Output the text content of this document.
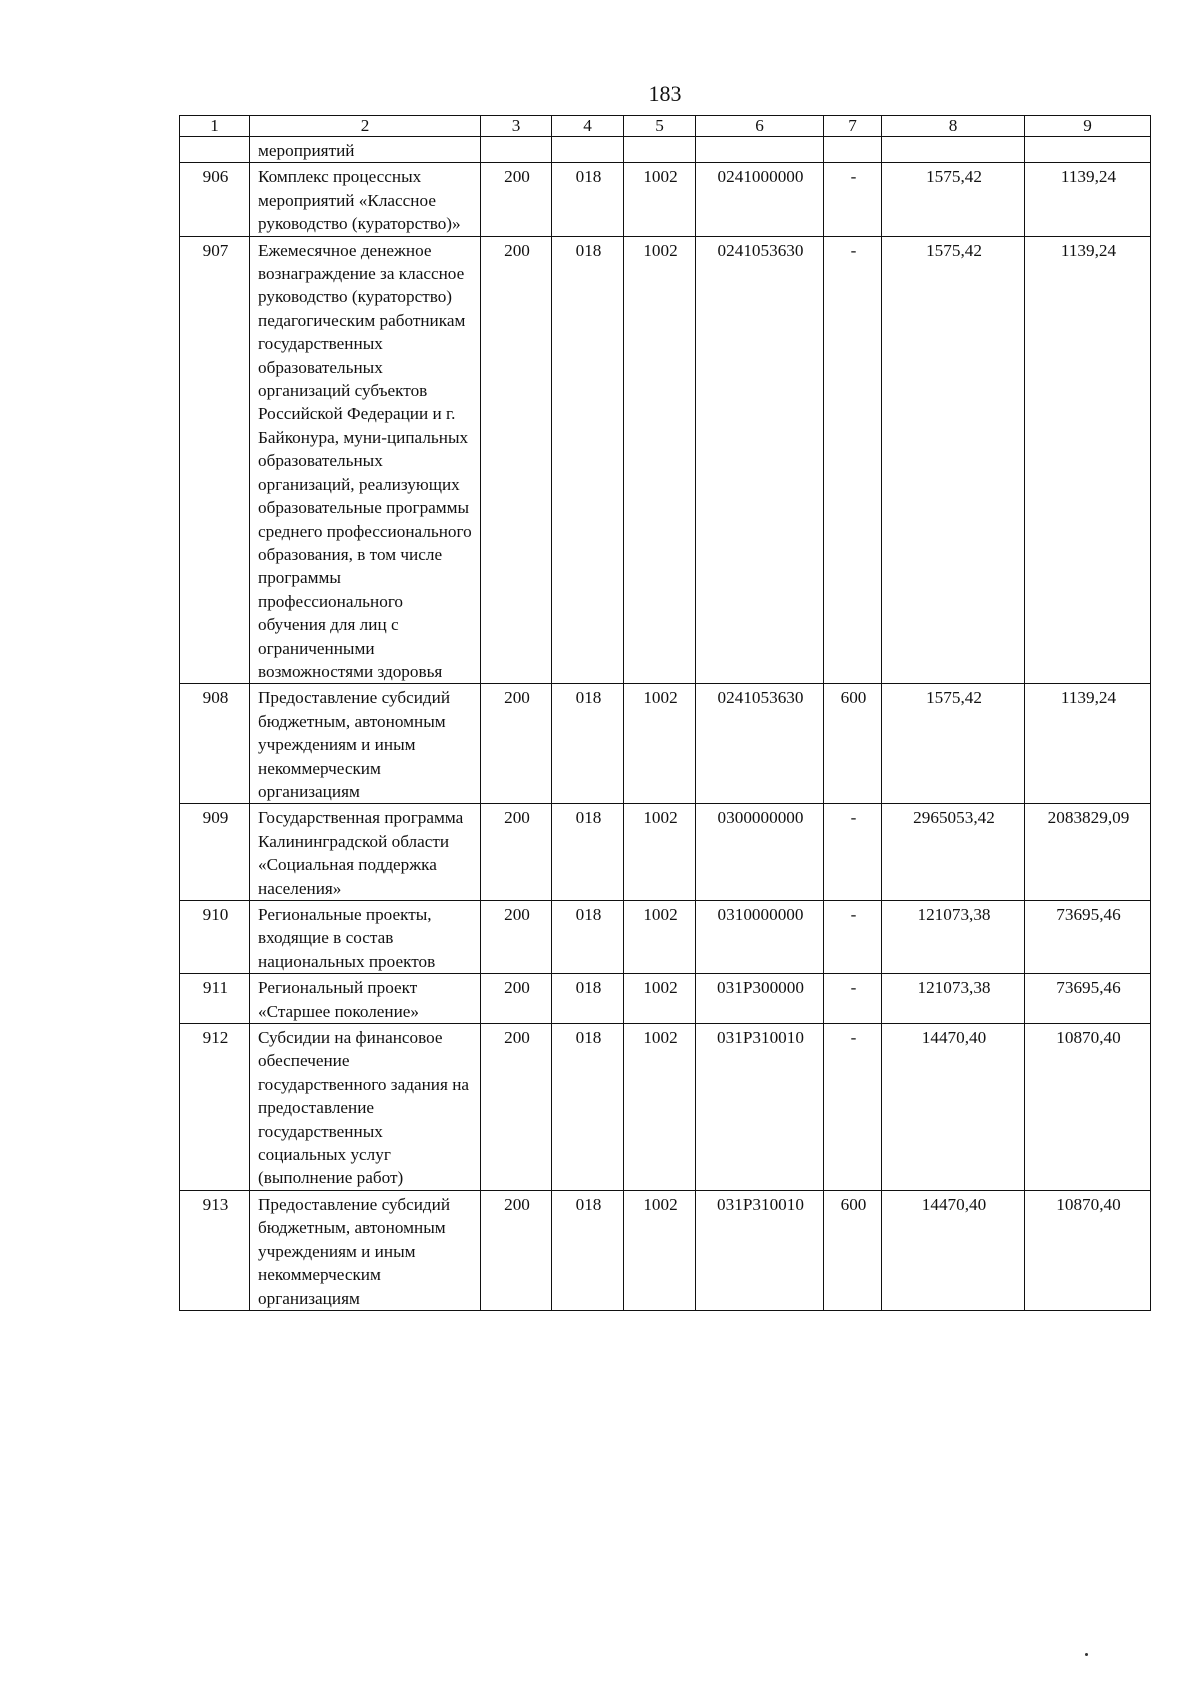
183
1	2	3	4	5	6	7	8	9
	мероприятий							
906	Комплекс процессных мероприятий «Классное руководство (кураторство)»	200	018	1002	0241000000	-	1575,42	1139,24
907	Ежемесячное денежное вознаграждение за классное руководство (кураторство) педагогическим работникам государственных образовательных организаций субъектов Российской Федерации и г. Байконура, муни-ципальных образовательных организаций, реализующих образовательные программы среднего профессионального образования, в том числе программы профессионального обучения для лиц с ограниченными возможностями здоровья	200	018	1002	0241053630	-	1575,42	1139,24
908	Предоставление субсидий бюджетным, автономным учреждениям и иным некоммерческим организациям	200	018	1002	0241053630	600	1575,42	1139,24
909	Государственная программа Калининградской области «Социальная поддержка населения»	200	018	1002	0300000000	-	2965053,42	2083829,09
910	Региональные проекты, входящие в состав национальных проектов	200	018	1002	0310000000	-	121073,38	73695,46
911	Региональный проект «Старшее поколение»	200	018	1002	031P300000	-	121073,38	73695,46
912	Субсидии на финансовое обеспечение государственного задания на предоставление государственных социальных услуг (выполнение работ)	200	018	1002	031P310010	-	14470,40	10870,40
913	Предоставление субсидий бюджетным, автономным учреждениям и иным некоммерческим организациям	200	018	1002	031P310010	600	14470,40	10870,40
